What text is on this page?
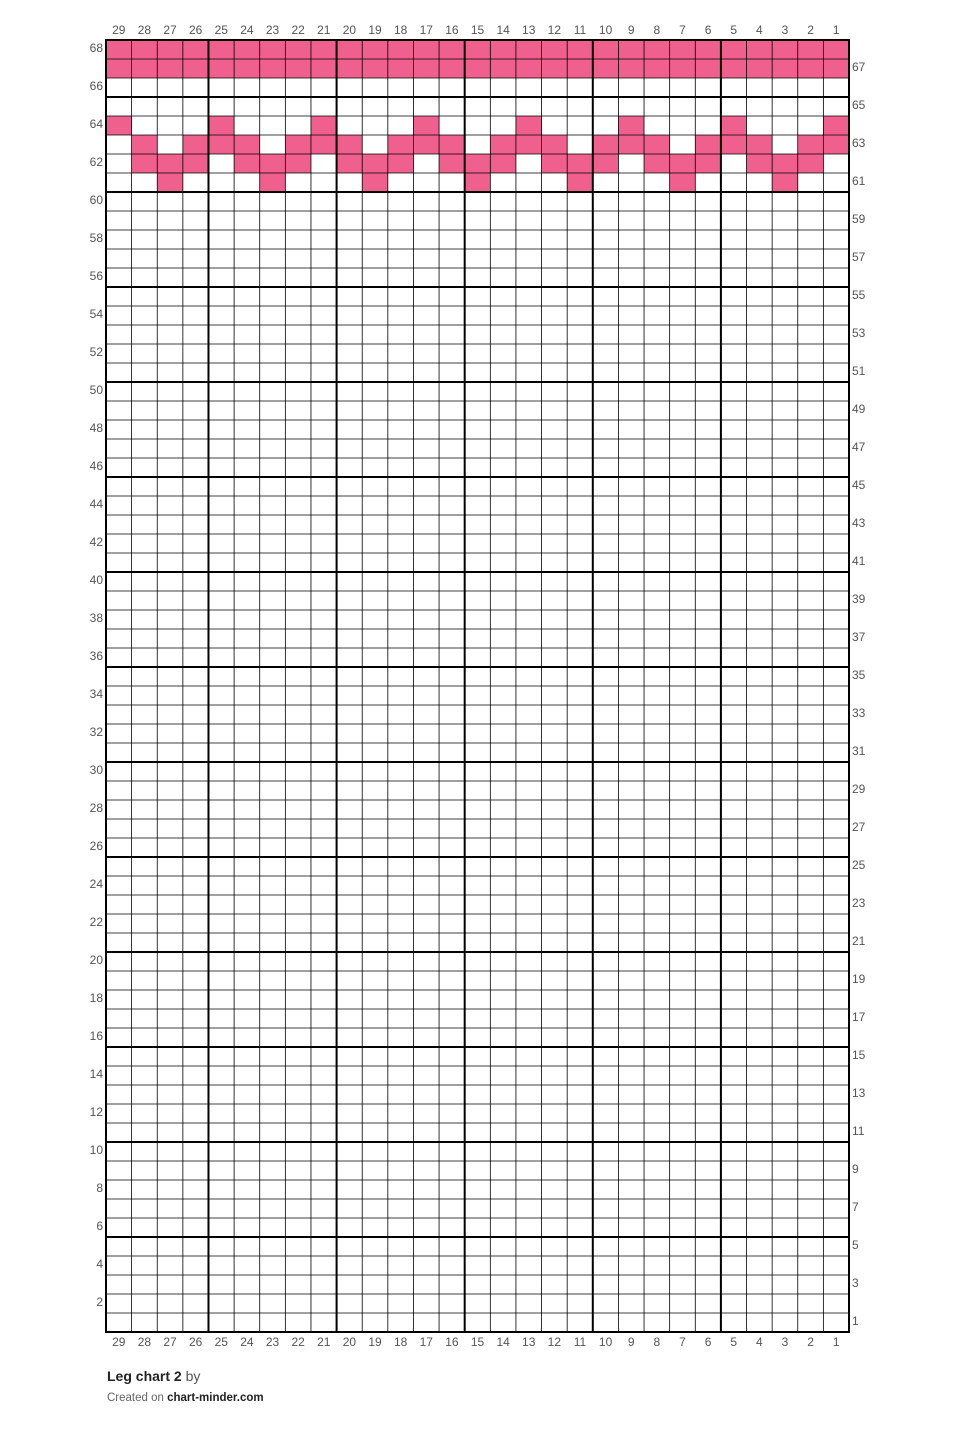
1
1
2
2
3
3
4
4
5
5
6
6
7
7
8
8
9
9
10
10
11
11
12
12
13
13
14
14
15
15
16
16
17
17
18
18
19
19
20
20
21
21
22
22
23
23
24
24
25
25
26
26
27
27
28
28
29
29
1
2
3
4
5
6
7
8
9
10
11
12
13
14
15
16
17
18
19
20
21
22
23
24
25
26
27
28
29
30
31
32
33
34
35
36
37
38
39
40
41
42
43
44
45
46
47
48
49
50
51
52
53
54
55
56
57
58
59
60
61
62
63
64
65
66
67
68
Leg chart 2 by
Created on chart-minder.com
